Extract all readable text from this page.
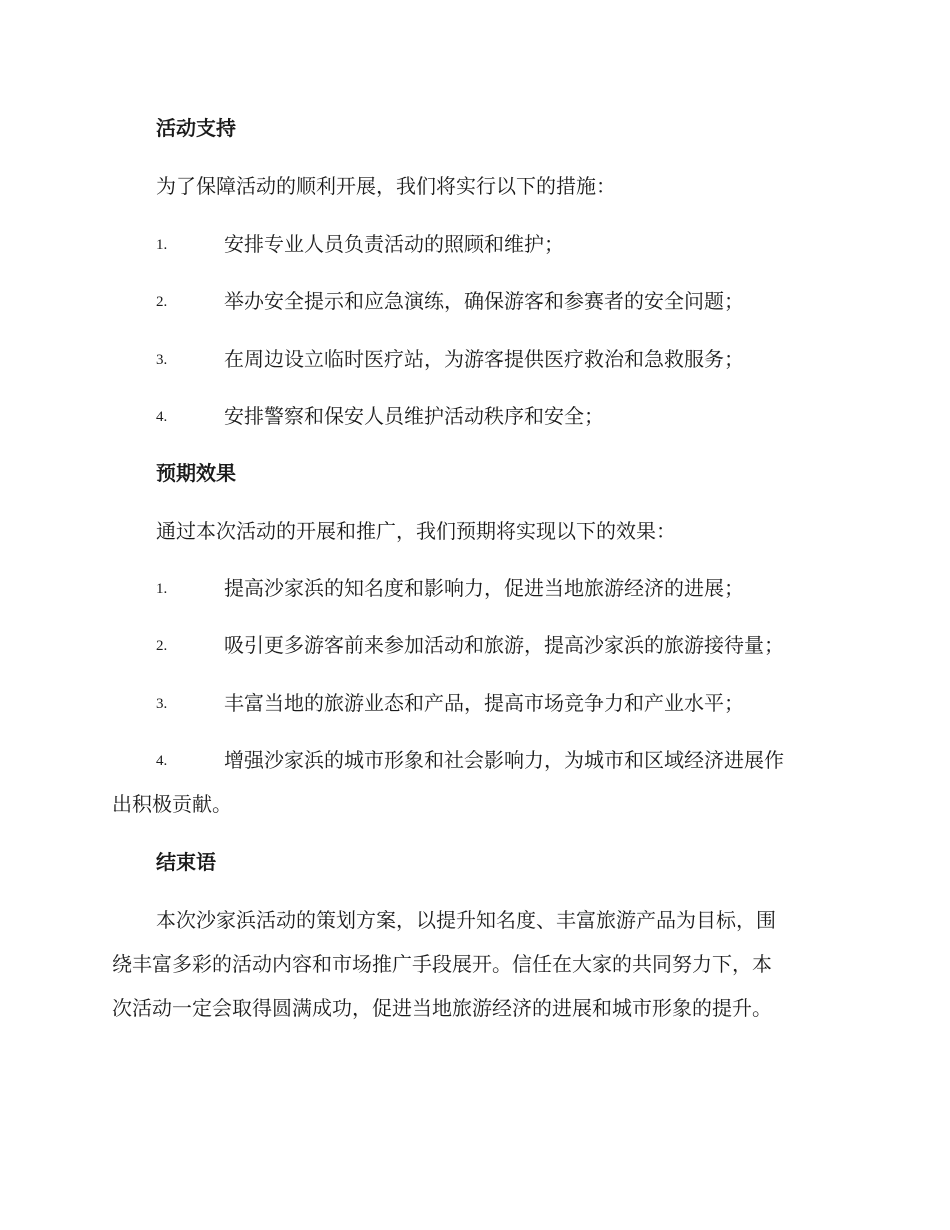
活动支持
为了保障活动的顺利开展，我们将实行以下的措施：
1.	安排专业人员负责活动的照顾和维护；
2.	举办安全提示和应急演练，确保游客和参赛者的安全问题；
3.	在周边设立临时医疗站，为游客提供医疗救治和急救服务；
4.	安排警察和保安人员维护活动秩序和安全；
预期效果
通过本次活动的开展和推广，我们预期将实现以下的效果：
1.	提高沙家浜的知名度和影响力，促进当地旅游经济的进展；
2.	吸引更多游客前来参加活动和旅游，提高沙家浜的旅游接待量；
3.	丰富当地的旅游业态和产品，提高市场竞争力和产业水平；
4.	增强沙家浜的城市形象和社会影响力，为城市和区域经济进展作
出积极贡献。
结束语
本次沙家浜活动的策划方案，以提升知名度、丰富旅游产品为目标，围
绕丰富多彩的活动内容和市场推广手段展开。信任在大家的共同努力下，本
次活动一定会取得圆满成功，促进当地旅游经济的进展和城市形象的提升。
